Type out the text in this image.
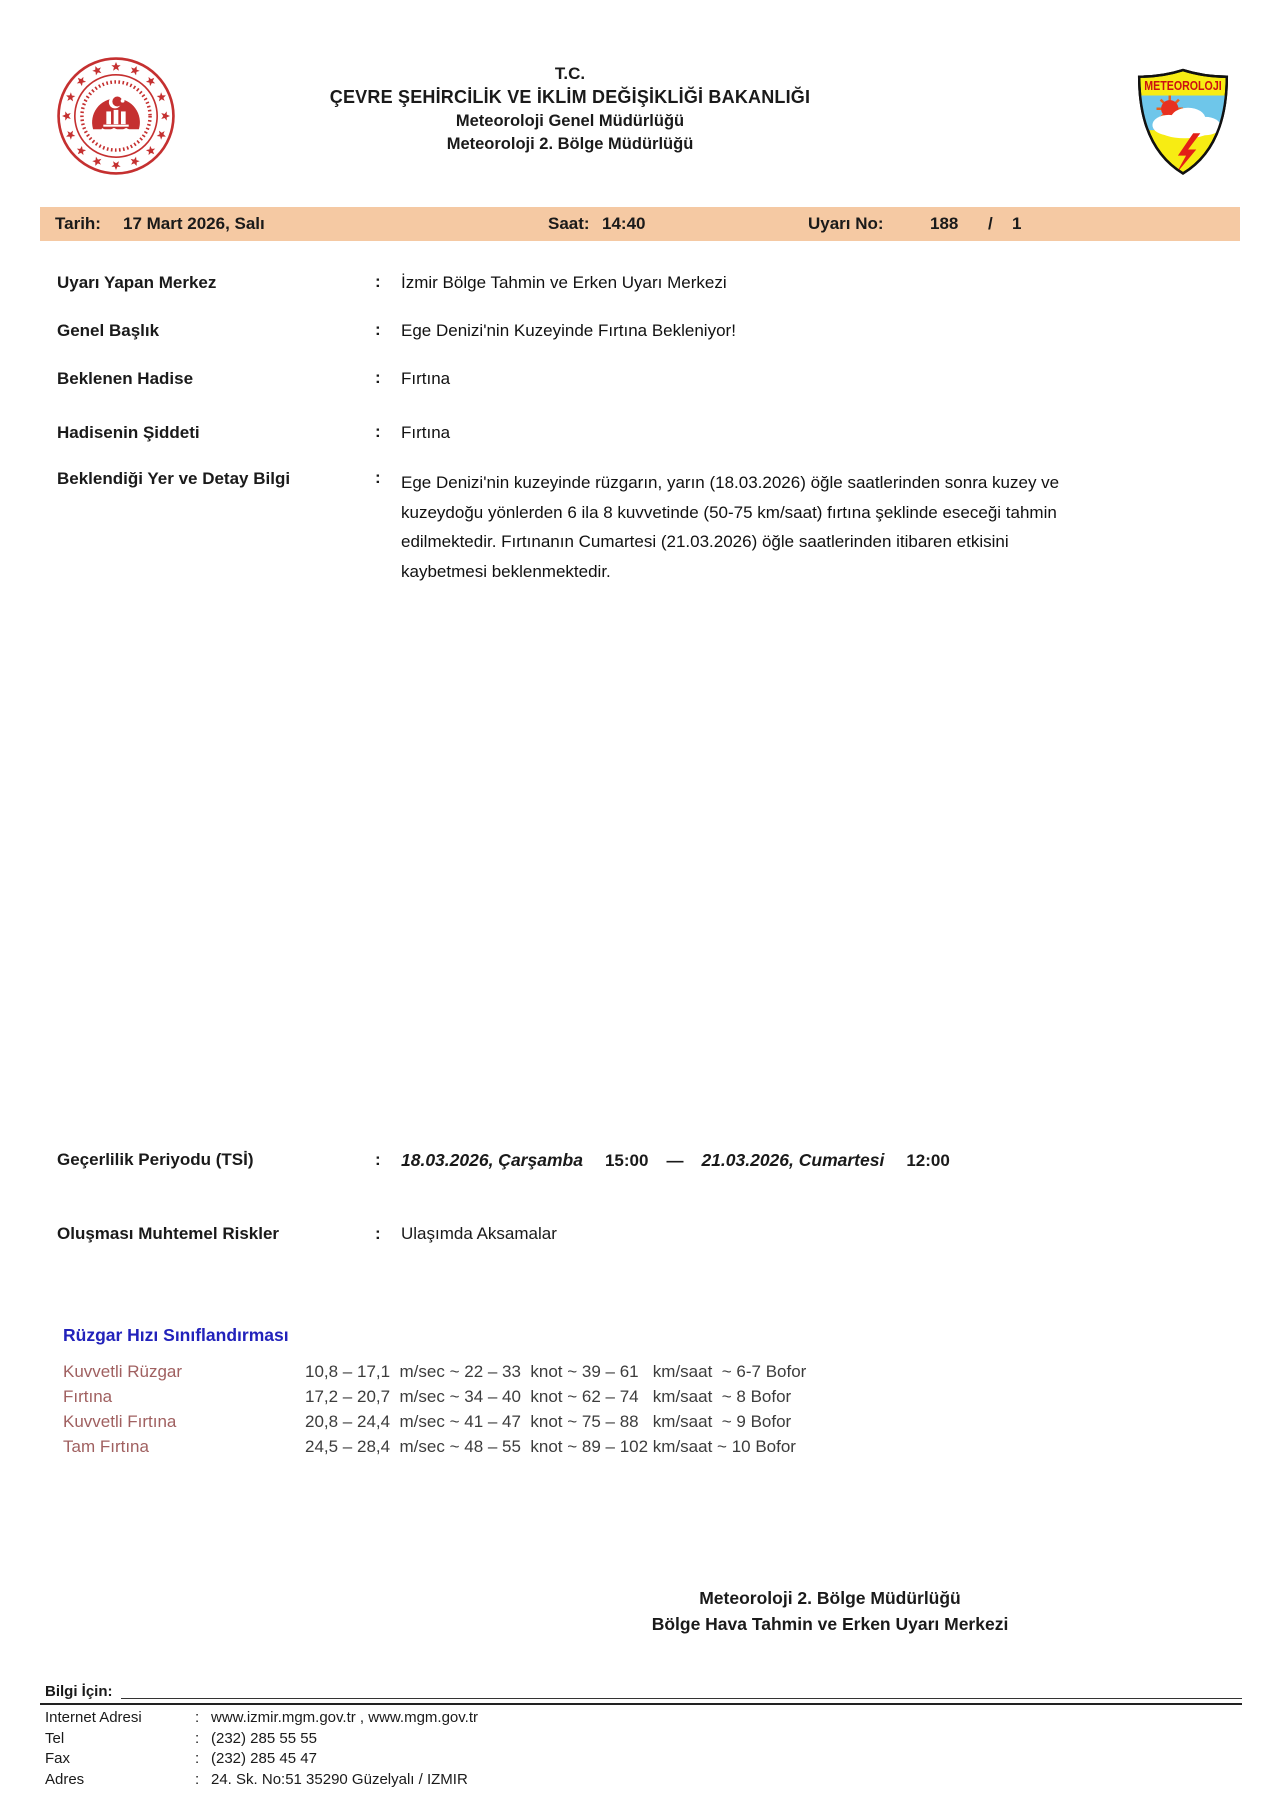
T.C.
ÇEVRE ŞEHİRCİLİK VE İKLİM DEĞİŞİKLİĞİ BAKANLIĞI
Meteoroloji Genel Müdürlüğü
Meteoroloji 2. Bölge Müdürlüğü
METEOROLOJI
Tarih: 17 Mart 2026, Salı	Saat: 14:40	Uyarı No:	188 / 1
Uyarı Yapan Merkez	:	İzmir Bölge Tahmin ve Erken Uyarı Merkezi
Genel Başlık	:	Ege Denizi'nin Kuzeyinde Fırtına Bekleniyor!
Beklenen Hadise	:	Fırtına
Hadisenin Şiddeti	:	Fırtına
Beklendiği Yer ve Detay Bilgi	:	Ege Denizi'nin kuzeyinde rüzgarın, yarın (18.03.2026) öğle saatlerinden sonra kuzey ve kuzeydoğu yönlerden 6 ila 8 kuvvetinde (50-75 km/saat) fırtına şeklinde eseceği tahmin edilmektedir. Fırtınanın Cumartesi (21.03.2026) öğle saatlerinden itibaren etkisini kaybetmesi beklenmektedir.
Geçerlilik Periyodu (TSİ)	:	18.03.2026, Çarşamba 15:00 — 21.03.2026, Cumartesi 12:00
Oluşması Muhtemel Riskler	:	Ulaşımda Aksamalar
Rüzgar Hızı Sınıflandırması
Kuvvetli Rüzgar	10,8 – 17,1  m/sec ~ 22 – 33  knot ~ 39 – 61   km/saat  ~ 6-7 Bofor
Fırtına	17,2 – 20,7  m/sec ~ 34 – 40  knot ~ 62 – 74   km/saat  ~ 8 Bofor
Kuvvetli Fırtına	20,8 – 24,4  m/sec ~ 41 – 47  knot ~ 75 – 88   km/saat  ~ 9 Bofor
Tam Fırtına	24,5 – 28,4  m/sec ~ 48 – 55  knot ~ 89 – 102 km/saat ~ 10 Bofor
Meteoroloji 2. Bölge Müdürlüğü
Bölge Hava Tahmin ve Erken Uyarı Merkezi
Bilgi İçin:
Internet Adresi	: www.izmir.mgm.gov.tr , www.mgm.gov.tr
Tel	: (232) 285 55 55
Fax	: (232) 285 45 47
Adres	: 24. Sk. No:51 35290 Güzelyalı / IZMIR
